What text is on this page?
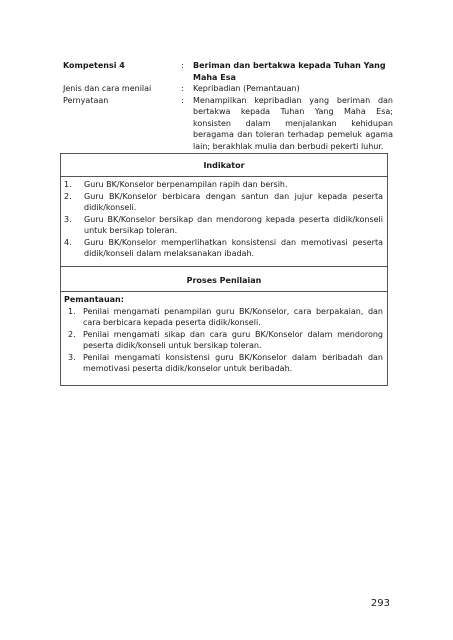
Kompetensi 4	:	Beriman dan bertakwa kepada Tuhan Yang Maha Esa
Jenis dan cara menilai	:	Kepribadian (Pemantauan)
Pernyataan	:	Menampilkan kepribadian yang beriman dan bertakwa kepada Tuhan Yang Maha Esa; konsisten dalam menjalankan kehidupan beragama dan toleran terhadap pemeluk agama lain; berakhlak mulia dan berbudi pekerti luhur.
Indikator
1.	Guru BK/Konselor berpenampilan rapih dan bersih.
2.	Guru BK/Konselor berbicara dengan santun dan jujur kepada peserta didik/konseli.
3.	Guru BK/Konselor bersikap dan mendorong kepada peserta didik/konseli untuk bersikap toleran.
4.	Guru BK/Konselor memperlihatkan konsistensi dan memotivasi peserta didik/konseli dalam melaksanakan ibadah.
Proses Penilaian
Pemantauan:
1. Penilai mengamati penampilan guru BK/Konselor, cara berpakaian, dan cara berbicara kepada peserta didik/konseli.
2. Penilai mengamati sikap dan cara guru BK/Konselor dalam mendorong peserta didik/konseli untuk bersikap toleran.
3. Penilai mengamati konsistensi guru BK/Konselor dalam beribadah dan memotivasi peserta didik/konselor untuk beribadah.
293
